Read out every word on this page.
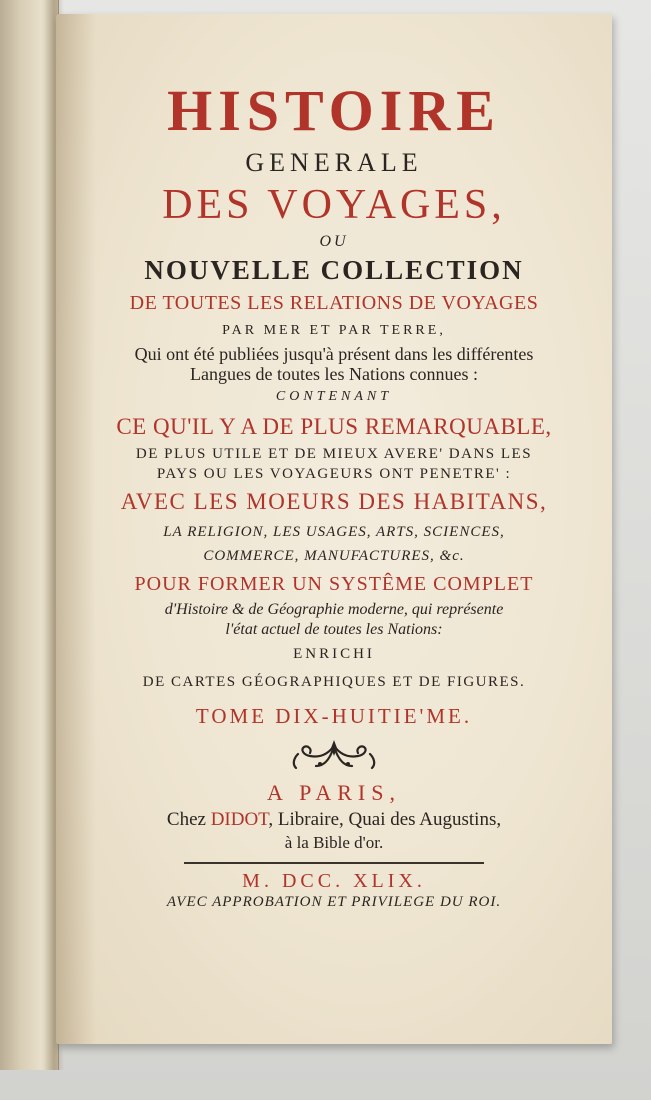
HISTOIRE
GENERALE
DES VOYAGES,
OU
NOUVELLE COLLECTION
DE TOUTES LES RELATIONS DE VOYAGES
PAR MER ET PAR TERRE,
Qui ont été publiées jusqu'à présent dans les différentes
Langues de toutes les Nations connues :
CONTENANT
CE QU'IL Y A DE PLUS REMARQUABLE,
DE PLUS UTILE ET DE MIEUX AVERE' DANS LES
PAYS OU LES VOYAGEURS ONT PENETRE' :
AVEC LES MOEURS DES HABITANS,
LA RELIGION, LES USAGES, ARTS, SCIENCES,
COMMERCE, MANUFACTURES, &c.
POUR FORMER UN SYSTÊME COMPLET
d'Histoire & de Géographie moderne, qui représente
l'état actuel de toutes les Nations:
ENRICHI
DE CARTES GÉOGRAPHIQUES ET DE FIGURES.
TOME DIX-HUITIE'ME.
A PARIS,
Chez DIDOT, Libraire, Quai des Augustins,
à la Bible d'or.
M. DCC. XLIX.
AVEC APPROBATION ET PRIVILEGE DU ROI.
